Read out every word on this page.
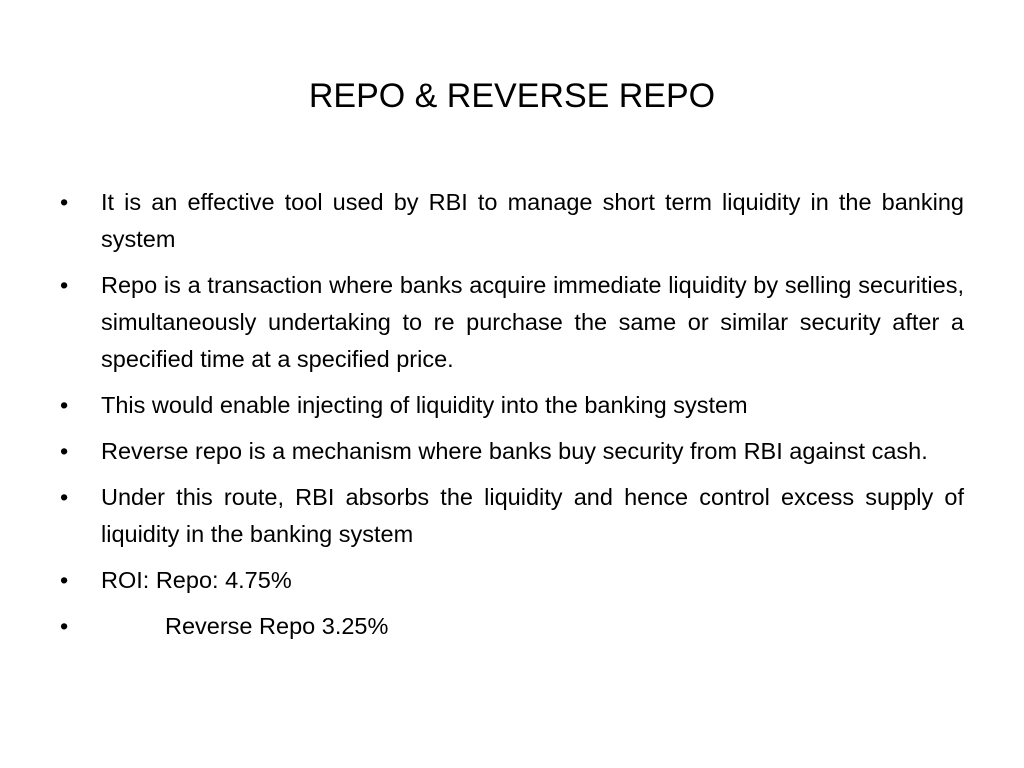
REPO & REVERSE REPO
•	It is an effective tool used by RBI to manage short term liquidity in the banking system
•	Repo is a transaction where banks acquire immediate liquidity by selling securities, simultaneously undertaking to re purchase the same or similar security after a specified time at a specified price.
•	This would enable injecting of liquidity into the banking system
•	Reverse repo is a mechanism where banks buy security from RBI against cash.
•	Under this route, RBI absorbs the liquidity and hence control excess supply of liquidity in the banking system
•	ROI: Repo: 4.75%
•	Reverse Repo 3.25%
